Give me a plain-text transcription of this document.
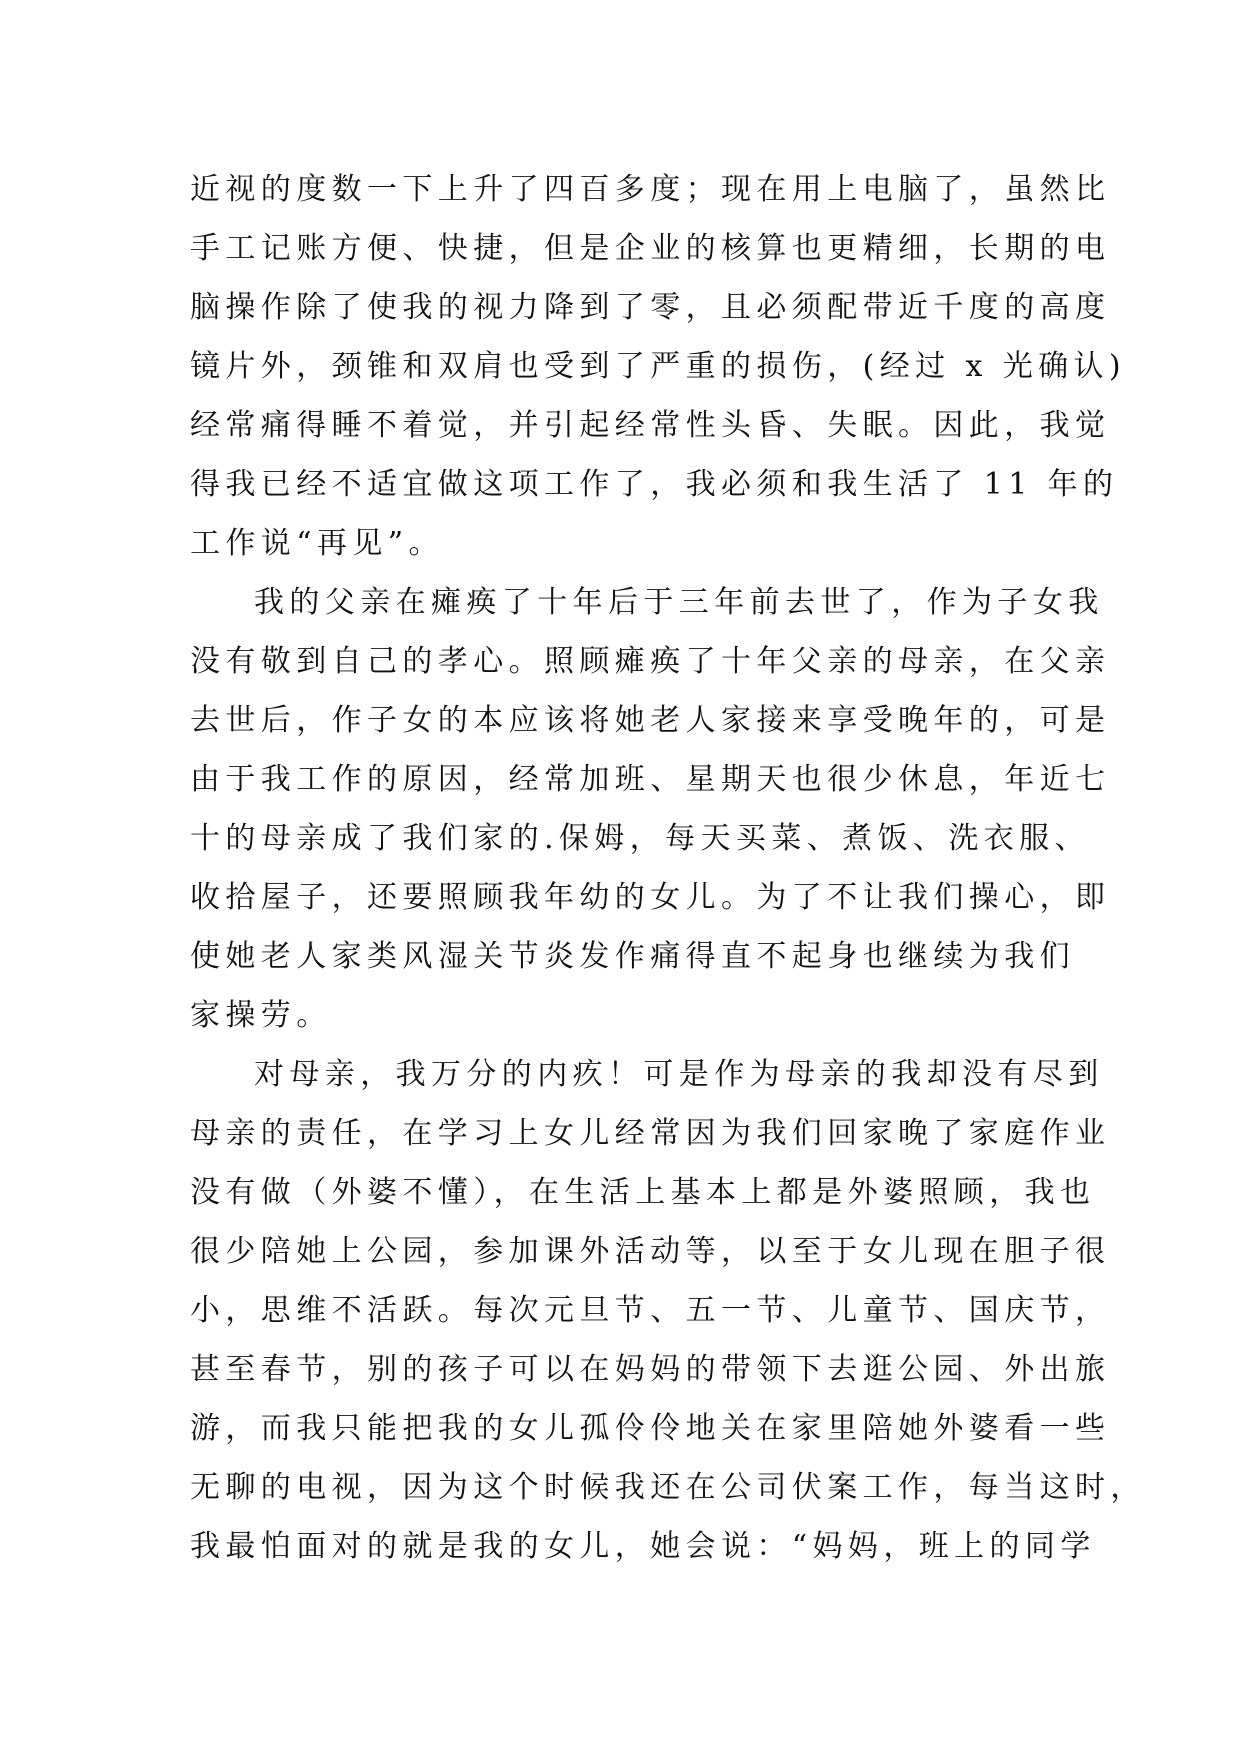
近视的度数一下上升了四百多度；现在用上电脑了，虽然比
手工记账方便、快捷，但是企业的核算也更精细，长期的电
脑操作除了使我的视力降到了零，且必须配带近千度的高度
镜片外，颈锥和双肩也受到了严重的损伤，(经过 x 光确认)
经常痛得睡不着觉，并引起经常性头昏、失眠。因此，我觉
得我已经不适宜做这项工作了，我必须和我生活了 11 年的
工作说“再见”。
我的父亲在瘫痪了十年后于三年前去世了，作为子女我
没有敬到自己的孝心。照顾瘫痪了十年父亲的母亲，在父亲
去世后，作子女的本应该将她老人家接来享受晚年的，可是
由于我工作的原因，经常加班、星期天也很少休息，年近七
十的母亲成了我们家的.保姆，每天买菜、煮饭、洗衣服、
收拾屋子，还要照顾我年幼的女儿。为了不让我们操心，即
使她老人家类风湿关节炎发作痛得直不起身也继续为我们
家操劳。
对母亲，我万分的内疚！可是作为母亲的我却没有尽到
母亲的责任，在学习上女儿经常因为我们回家晚了家庭作业
没有做（外婆不懂），在生活上基本上都是外婆照顾，我也
很少陪她上公园，参加课外活动等，以至于女儿现在胆子很
小，思维不活跃。每次元旦节、五一节、儿童节、国庆节，
甚至春节，别的孩子可以在妈妈的带领下去逛公园、外出旅
游，而我只能把我的女儿孤伶伶地关在家里陪她外婆看一些
无聊的电视，因为这个时候我还在公司伏案工作，每当这时，
我最怕面对的就是我的女儿，她会说：“妈妈，班上的同学
